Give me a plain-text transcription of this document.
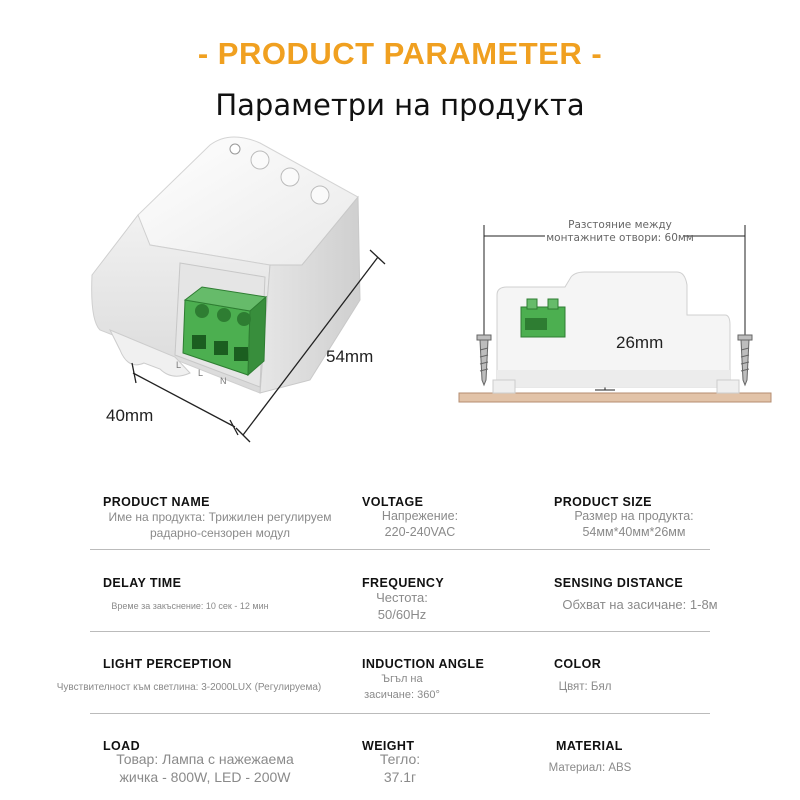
- PRODUCT PARAMETER -
Параметри на продукта
L
L
N
54mm
40mm
Разстояние между монтажните отвори: 60мм
26mm
PRODUCT NAME
Име на продукта: Трижилен регулируем радарно-сензорен модул
VOLTAGE
Напрежение:
220-240VAC
PRODUCT SIZE
Размер на продукта:
54мм*40мм*26мм
DELAY TIME
Време за закъснение: 10 сек - 12 мин
FREQUENCY
Честота:
50/60Hz
SENSING DISTANCE
Обхват на засичане: 1-8м
LIGHT PERCEPTION
Чувствителност към светлина: 3-2000LUX (Регулируема)
INDUCTION ANGLE
Ъгъл на
засичане: 360°
COLOR
Цвят: Бял
LOAD
Товар: Лампа с нажежаема
жичка - 800W, LED - 200W
WEIGHT
Тегло:
37.1г
MATERIAL
Материал: ABS
